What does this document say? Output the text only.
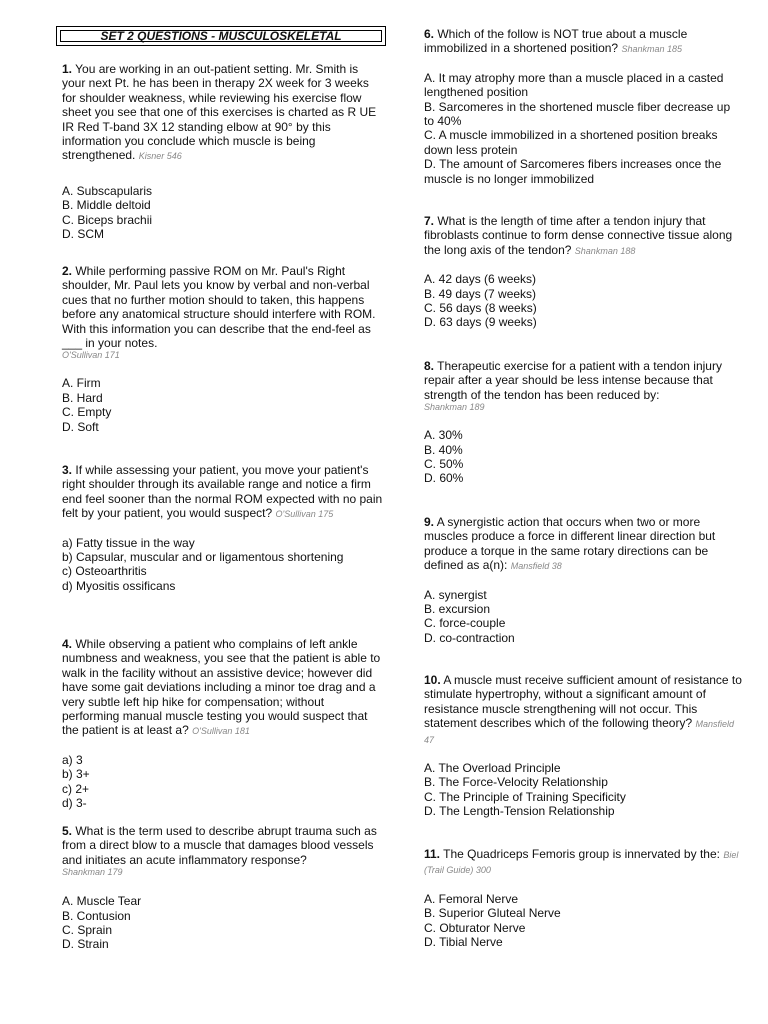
SET 2 QUESTIONS - MUSCULOSKELETAL

1. You are working in an out-patient setting. Mr. Smith is your next Pt. he has been in therapy 2X week for 3 weeks for shoulder weakness, while reviewing his exercise flow sheet you see that one of this exercises is charted as R UE IR Red T-band 3X 12 standing elbow at 90° by this information you conclude which muscle is being strengthened. Kisner 546

A. Subscapularis
B. Middle deltoid
C. Biceps brachii
D. SCM

2. While performing passive ROM on Mr. Paul's Right shoulder, Mr. Paul lets you know by verbal and non-verbal cues that no further motion should to taken, this happens before any anatomical structure should interfere with ROM. With this information you can describe that the end-feel as ___ in your notes.
O'Sullivan 171

A. Firm
B. Hard
C. Empty
D. Soft

3. If while assessing your patient, you move your patient's right shoulder through its available range and notice a firm end feel sooner than the normal ROM expected with no pain felt by your patient, you would suspect? O'Sullivan 175

a) Fatty tissue in the way
b) Capsular, muscular and or ligamentous shortening
c) Osteoarthritis
d) Myositis ossificans

4. While observing a patient who complains of left ankle numbness and weakness, you see that the patient is able to walk in the facility without an assistive device; however did have some gait deviations including a minor toe drag and a very subtle left hip hike for compensation; without performing manual muscle testing you would suspect that the patient is at least a? O'Sullivan 181

a) 3
b) 3+
c) 2+
d) 3-

5. What is the term used to describe abrupt trauma such as from a direct blow to a muscle that damages blood vessels and initiates an acute inflammatory response?
Shankman 179

A. Muscle Tear
B. Contusion
C. Sprain
D. Strain

6. Which of the follow is NOT true about a muscle immobilized in a shortened position? Shankman 185

A. It may atrophy more than a muscle placed in a casted lengthened position
B. Sarcomeres in the shortened muscle fiber decrease up to 40%
C. A muscle immobilized in a shortened position breaks down less protein
D. The amount of Sarcomeres fibers increases once the muscle is no longer immobilized

7. What is the length of time after a tendon injury that fibroblasts continue to form dense connective tissue along the long axis of the tendon? Shankman 188

A. 42 days (6 weeks)
B. 49 days (7 weeks)
C. 56 days (8 weeks)
D. 63 days (9 weeks)

8. Therapeutic exercise for a patient with a tendon injury repair after a year should be less intense because that strength of the tendon has been reduced by:
Shankman 189

A. 30%
B. 40%
C. 50%
D. 60%

9. A synergistic action that occurs when two or more muscles produce a force in different linear direction but produce a torque in the same rotary directions can be defined as a(n): Mansfield 38

A. synergist
B. excursion
C. force-couple
D. co-contraction

10. A muscle must receive sufficient amount of resistance to stimulate hypertrophy, without a significant amount of resistance muscle strengthening will not occur. This statement describes which of the following theory? Mansfield 47

A. The Overload Principle
B. The Force-Velocity Relationship
C. The Principle of Training Specificity
D. The Length-Tension Relationship

11. The Quadriceps Femoris group is innervated by the: Biel (Trail Guide) 300

A. Femoral Nerve
B. Superior Gluteal Nerve
C. Obturator Nerve
D. Tibial Nerve
